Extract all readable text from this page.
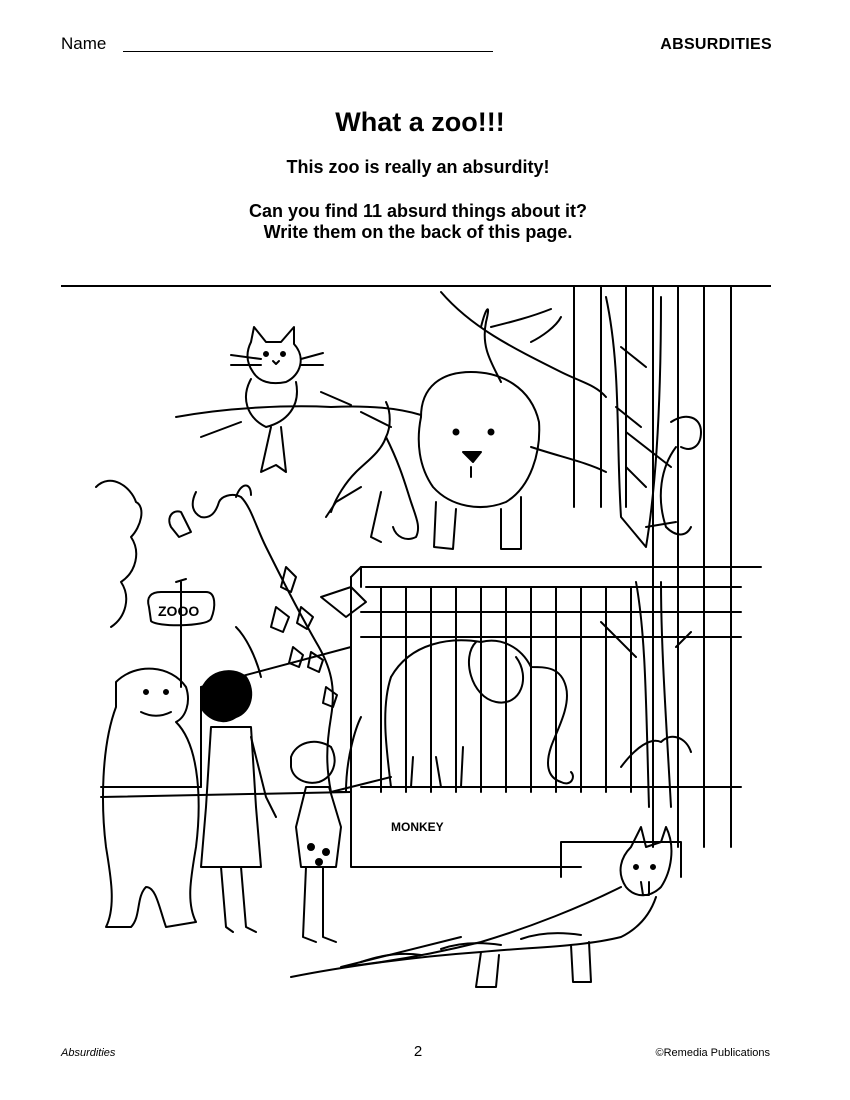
Name	ABSURDITIES
What a zoo!!!
This zoo is really an absurdity!
Can you find 11 absurd things about it?
Write them on the back of this page.
ZOOO
MONKEY
Absurdities	2	©Remedia Publications
